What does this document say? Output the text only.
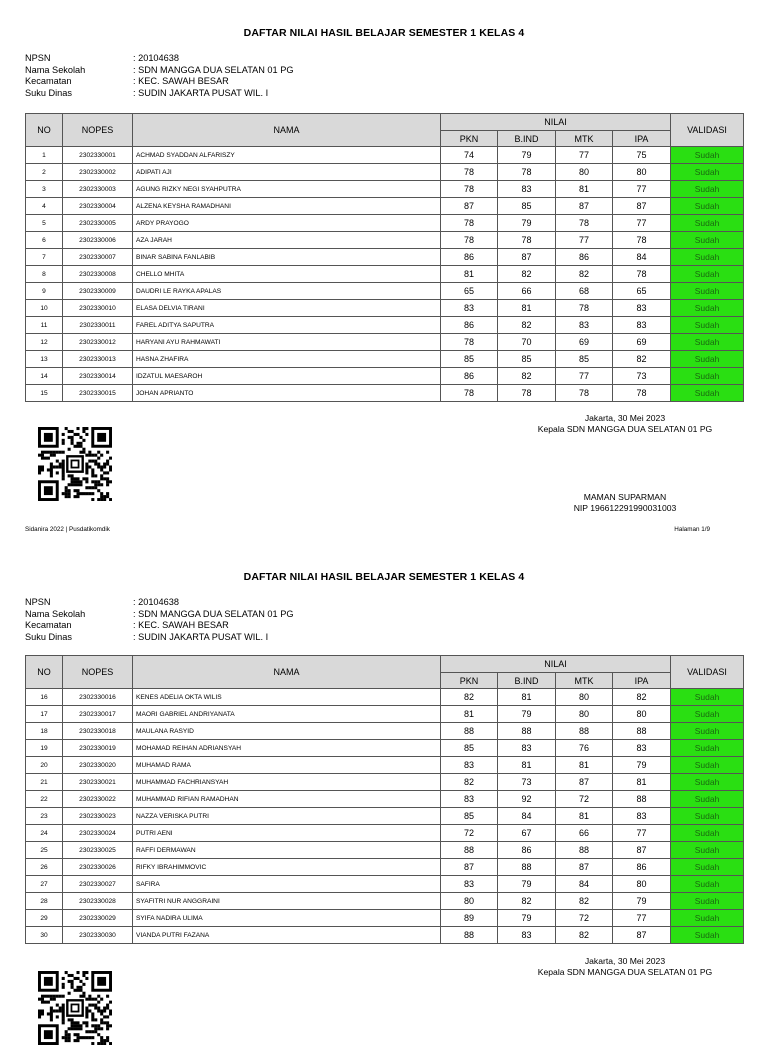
DAFTAR NILAI HASIL BELAJAR SEMESTER 1 KELAS 4
NPSN	: 20104638
Nama Sekolah	: SDN MANGGA DUA SELATAN 01 PG
Kecamatan	: KEC. SAWAH BESAR
Suku Dinas	: SUDIN JAKARTA PUSAT WIL. I
NO	NOPES	NAMA	NILAI				VALIDASI
			PKN	B.IND	MTK	IPA	
1	2302330001	ACHMAD SYADDAN ALFARISZY	74	79	77	75	Sudah
2	2302330002	ADIPATI AJI	78	78	80	80	Sudah
3	2302330003	AGUNG RIZKY NEGI SYAHPUTRA	78	83	81	77	Sudah
4	2302330004	ALZENA KEYSHA RAMADHANI	87	85	87	87	Sudah
5	2302330005	ARDY PRAYOGO	78	79	78	77	Sudah
6	2302330006	AZA JARAH	78	78	77	78	Sudah
7	2302330007	BINAR SABINA FANLABIB	86	87	86	84	Sudah
8	2302330008	CHELLO MHITA	81	82	82	78	Sudah
9	2302330009	DAUDRI LE RAYKA APALAS	65	66	68	65	Sudah
10	2302330010	ELASA DELVIA TIRANI	83	81	78	83	Sudah
11	2302330011	FAREL ADITYA SAPUTRA	86	82	83	83	Sudah
12	2302330012	HARYANI AYU RAHMAWATI	78	70	69	69	Sudah
13	2302330013	HASNA ZHAFIRA	85	85	85	82	Sudah
14	2302330014	IDZATUL MAESAROH	86	82	77	73	Sudah
15	2302330015	JOHAN APRIANTO	78	78	78	78	Sudah
Jakarta, 30 Mei 2023
Kepala SDN MANGGA DUA SELATAN 01 PG
MAMAN SUPARMAN
NIP 196612291990031003
Sidanira 2022 | Pusdatikomdik	Halaman 1/9
DAFTAR NILAI HASIL BELAJAR SEMESTER 1 KELAS 4
NPSN	: 20104638
Nama Sekolah	: SDN MANGGA DUA SELATAN 01 PG
Kecamatan	: KEC. SAWAH BESAR
Suku Dinas	: SUDIN JAKARTA PUSAT WIL. I
NO	NOPES	NAMA	NILAI				VALIDASI
			PKN	B.IND	MTK	IPA	
16	2302330016	KENES ADELIA OKTA WILIS	82	81	80	82	Sudah
17	2302330017	MAORI GABRIEL ANDRIYANATA	81	79	80	80	Sudah
18	2302330018	MAULANA RASYID	88	88	88	88	Sudah
19	2302330019	MOHAMAD REIHAN ADRIANSYAH	85	83	76	83	Sudah
20	2302330020	MUHAMAD RAMA	83	81	81	79	Sudah
21	2302330021	MUHAMMAD FACHRIANSYAH	82	73	87	81	Sudah
22	2302330022	MUHAMMAD RIFIAN RAMADHAN	83	92	72	88	Sudah
23	2302330023	NAZZA VERISKA PUTRI	85	84	81	83	Sudah
24	2302330024	PUTRI AENI	72	67	66	77	Sudah
25	2302330025	RAFFI DERMAWAN	88	86	88	87	Sudah
26	2302330026	RIFKY IBRAHIMMOVIC	87	88	87	86	Sudah
27	2302330027	SAFIRA	83	79	84	80	Sudah
28	2302330028	SYAFITRI NUR ANGGRAINI	80	82	82	79	Sudah
29	2302330029	SYIFA NADIRA ULIMA	89	79	72	77	Sudah
30	2302330030	VIANDA PUTRI FAZANA	88	83	82	87	Sudah
Jakarta, 30 Mei 2023
Kepala SDN MANGGA DUA SELATAN 01 PG
